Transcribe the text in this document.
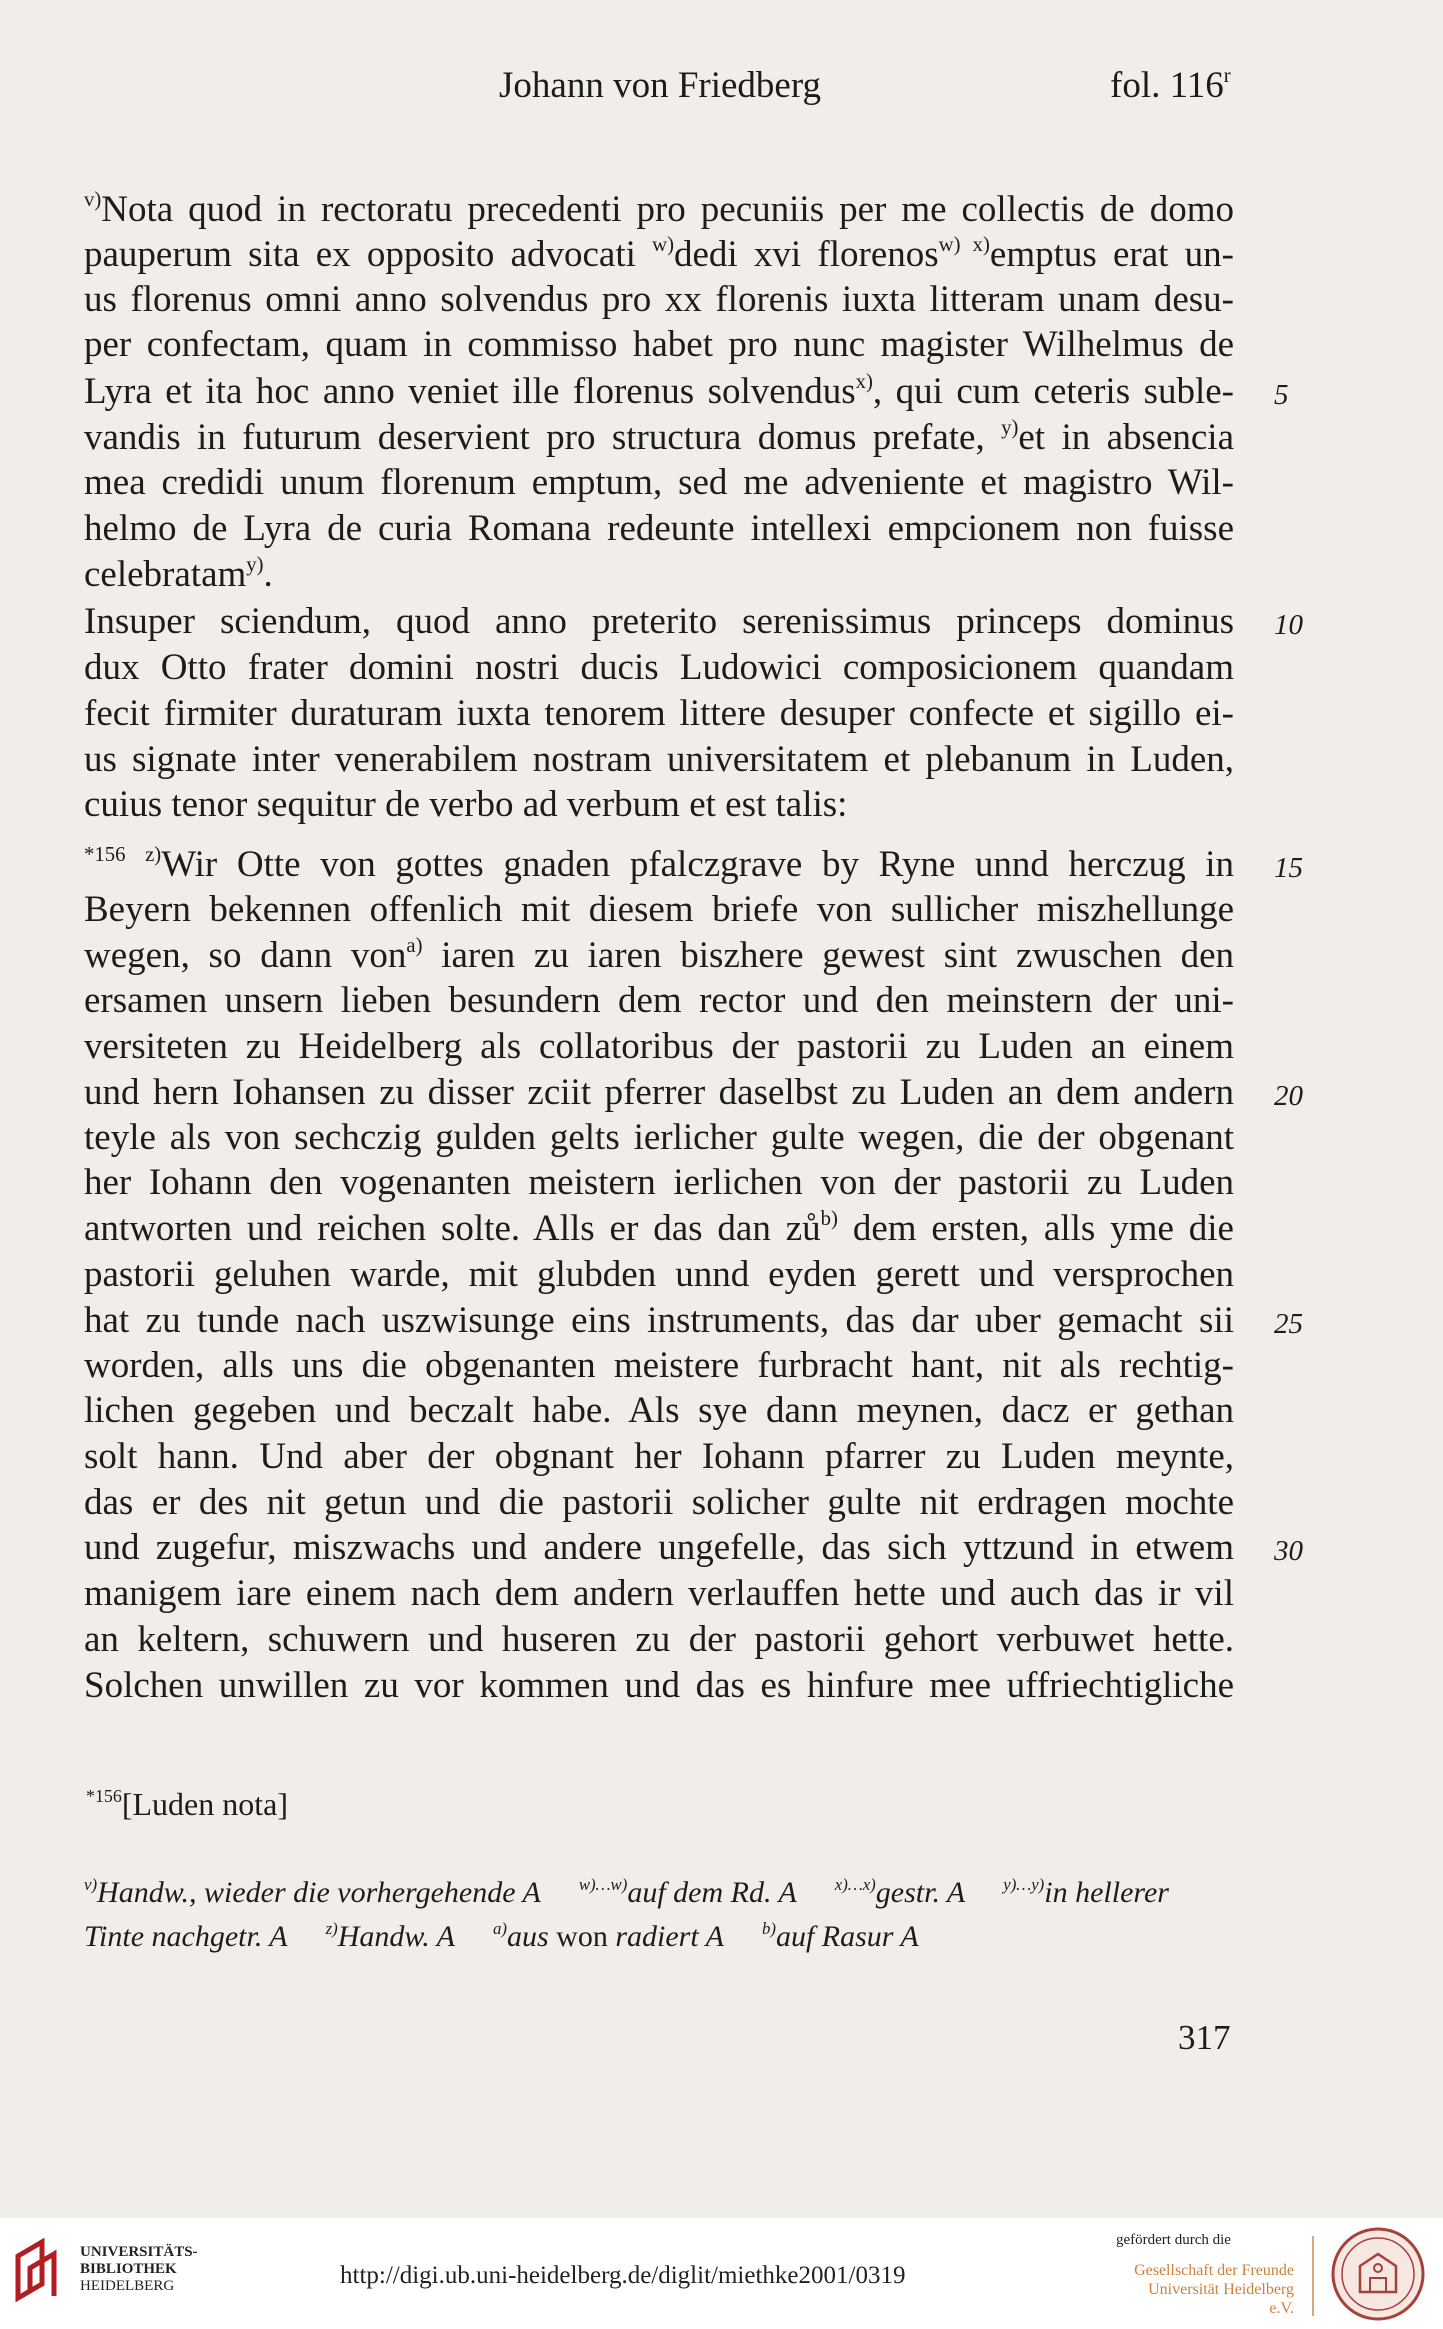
Johann von Friedberg	fol. 116$^r$
$^{v)}$Nota quod in rectoratu precedenti pro pecuniis per me collectis de domo
pauperum sita ex opposito advocati $^{w)}$dedi xvi florenos$^{w) x)}$emptus erat un-
us florenus omni anno solvendus pro xx florenis iuxta litteram unam desu-
per confectam, quam in commisso habet pro nunc magister Wilhelmus de
Lyra et ita hoc anno veniet ille florenus solvendus$^{x)}$, qui cum ceteris suble-
vandis in futurum deservient pro structura domus prefate, $^{y)}$et in absencia
mea credidi unum florenum emptum, sed me adveniente et magistro Wil-
helmo de Lyra de curia Romana redeunte intellexi empcionem non fuisse
celebratam$^{y)}$.
Insuper sciendum, quod anno preterito serenissimus princeps dominus
dux Otto frater domini nostri ducis Ludowici composicionem quandam
fecit firmiter duraturam iuxta tenorem littere desuper confecte et sigillo ei-
us signate inter venerabilem nostram universitatem et plebanum in Luden,
cuius tenor sequitur de verbo ad verbum et est talis:
$^{*156}$ $^{z)}$Wir Otte von gottes gnaden pfalczgrave by Ryne unnd herczug in
Beyern bekennen offenlich mit diesem briefe von sullicher miszhellunge
wegen, so dann von$^{a)}$ iaren zu iaren biszhere gewest sint zwuschen den
ersamen unsern lieben besundern dem rector und den meinstern der uni-
versiteten zu Heidelberg als collatoribus der pastorii zu Luden an einem
und hern Iohansen zu disser zciit pferrer daselbst zu Luden an dem andern
teyle als von sechczig gulden gelts ierlicher gulte wegen, die der obgenant
her Iohann den vogenanten meistern ierlichen von der pastorii zu Luden
antworten und reichen solte. Alls er das dan $zů^{b)}$ dem ersten, alls yme die
pastorii geluhen warde, mit glubden unnd eyden gerett und versprochen
hat zu tunde nach uszwisunge eins instruments, das dar uber gemacht sii
worden, alls uns die obgenanten meistere furbracht hant, nit als rechtig-
lichen gegeben und beczalt habe. Als sye dann meynen, dacz er gethan
solt hann. Und aber der obgnant her Iohann pfarrer zu Luden meynte,
das er des nit getun und die pastorii solicher gulte nit erdragen mochte
und zugefur, miszwachs und andere ungefelle, das sich yttzund in etwem
manigem iare einem nach dem andern verlauffen hette und auch das ir vil
an keltern, schuwern und huseren zu der pastorii gehort verbuwet hette.
Solchen unwillen zu vor kommen und das es hinfure mee uffriechtigliche
5
10
15
20
25
30
$^{*156}$[Luden nota]
$^{v)}$Handw., wieder die vorhergehende A $^{w)\dots w)}$auf dem Rd. A $^{x)\dots x)}$gestr. A $^{y)\dots y)}$in hellerer
Tinte nachgetr. A $^{z)}$Handw. A $^{a)}$aus won radiert A $^{b)}$auf Rasur A
317
UNIVERSITÄTS-
BIBLIOTHEK
HEIDELBERG	http://digi.ub.uni-heidelberg.de/diglit/miethke2001/0319
gefördert durch die
Gesellschaft der Freunde
Universität Heidelberg e.V.
